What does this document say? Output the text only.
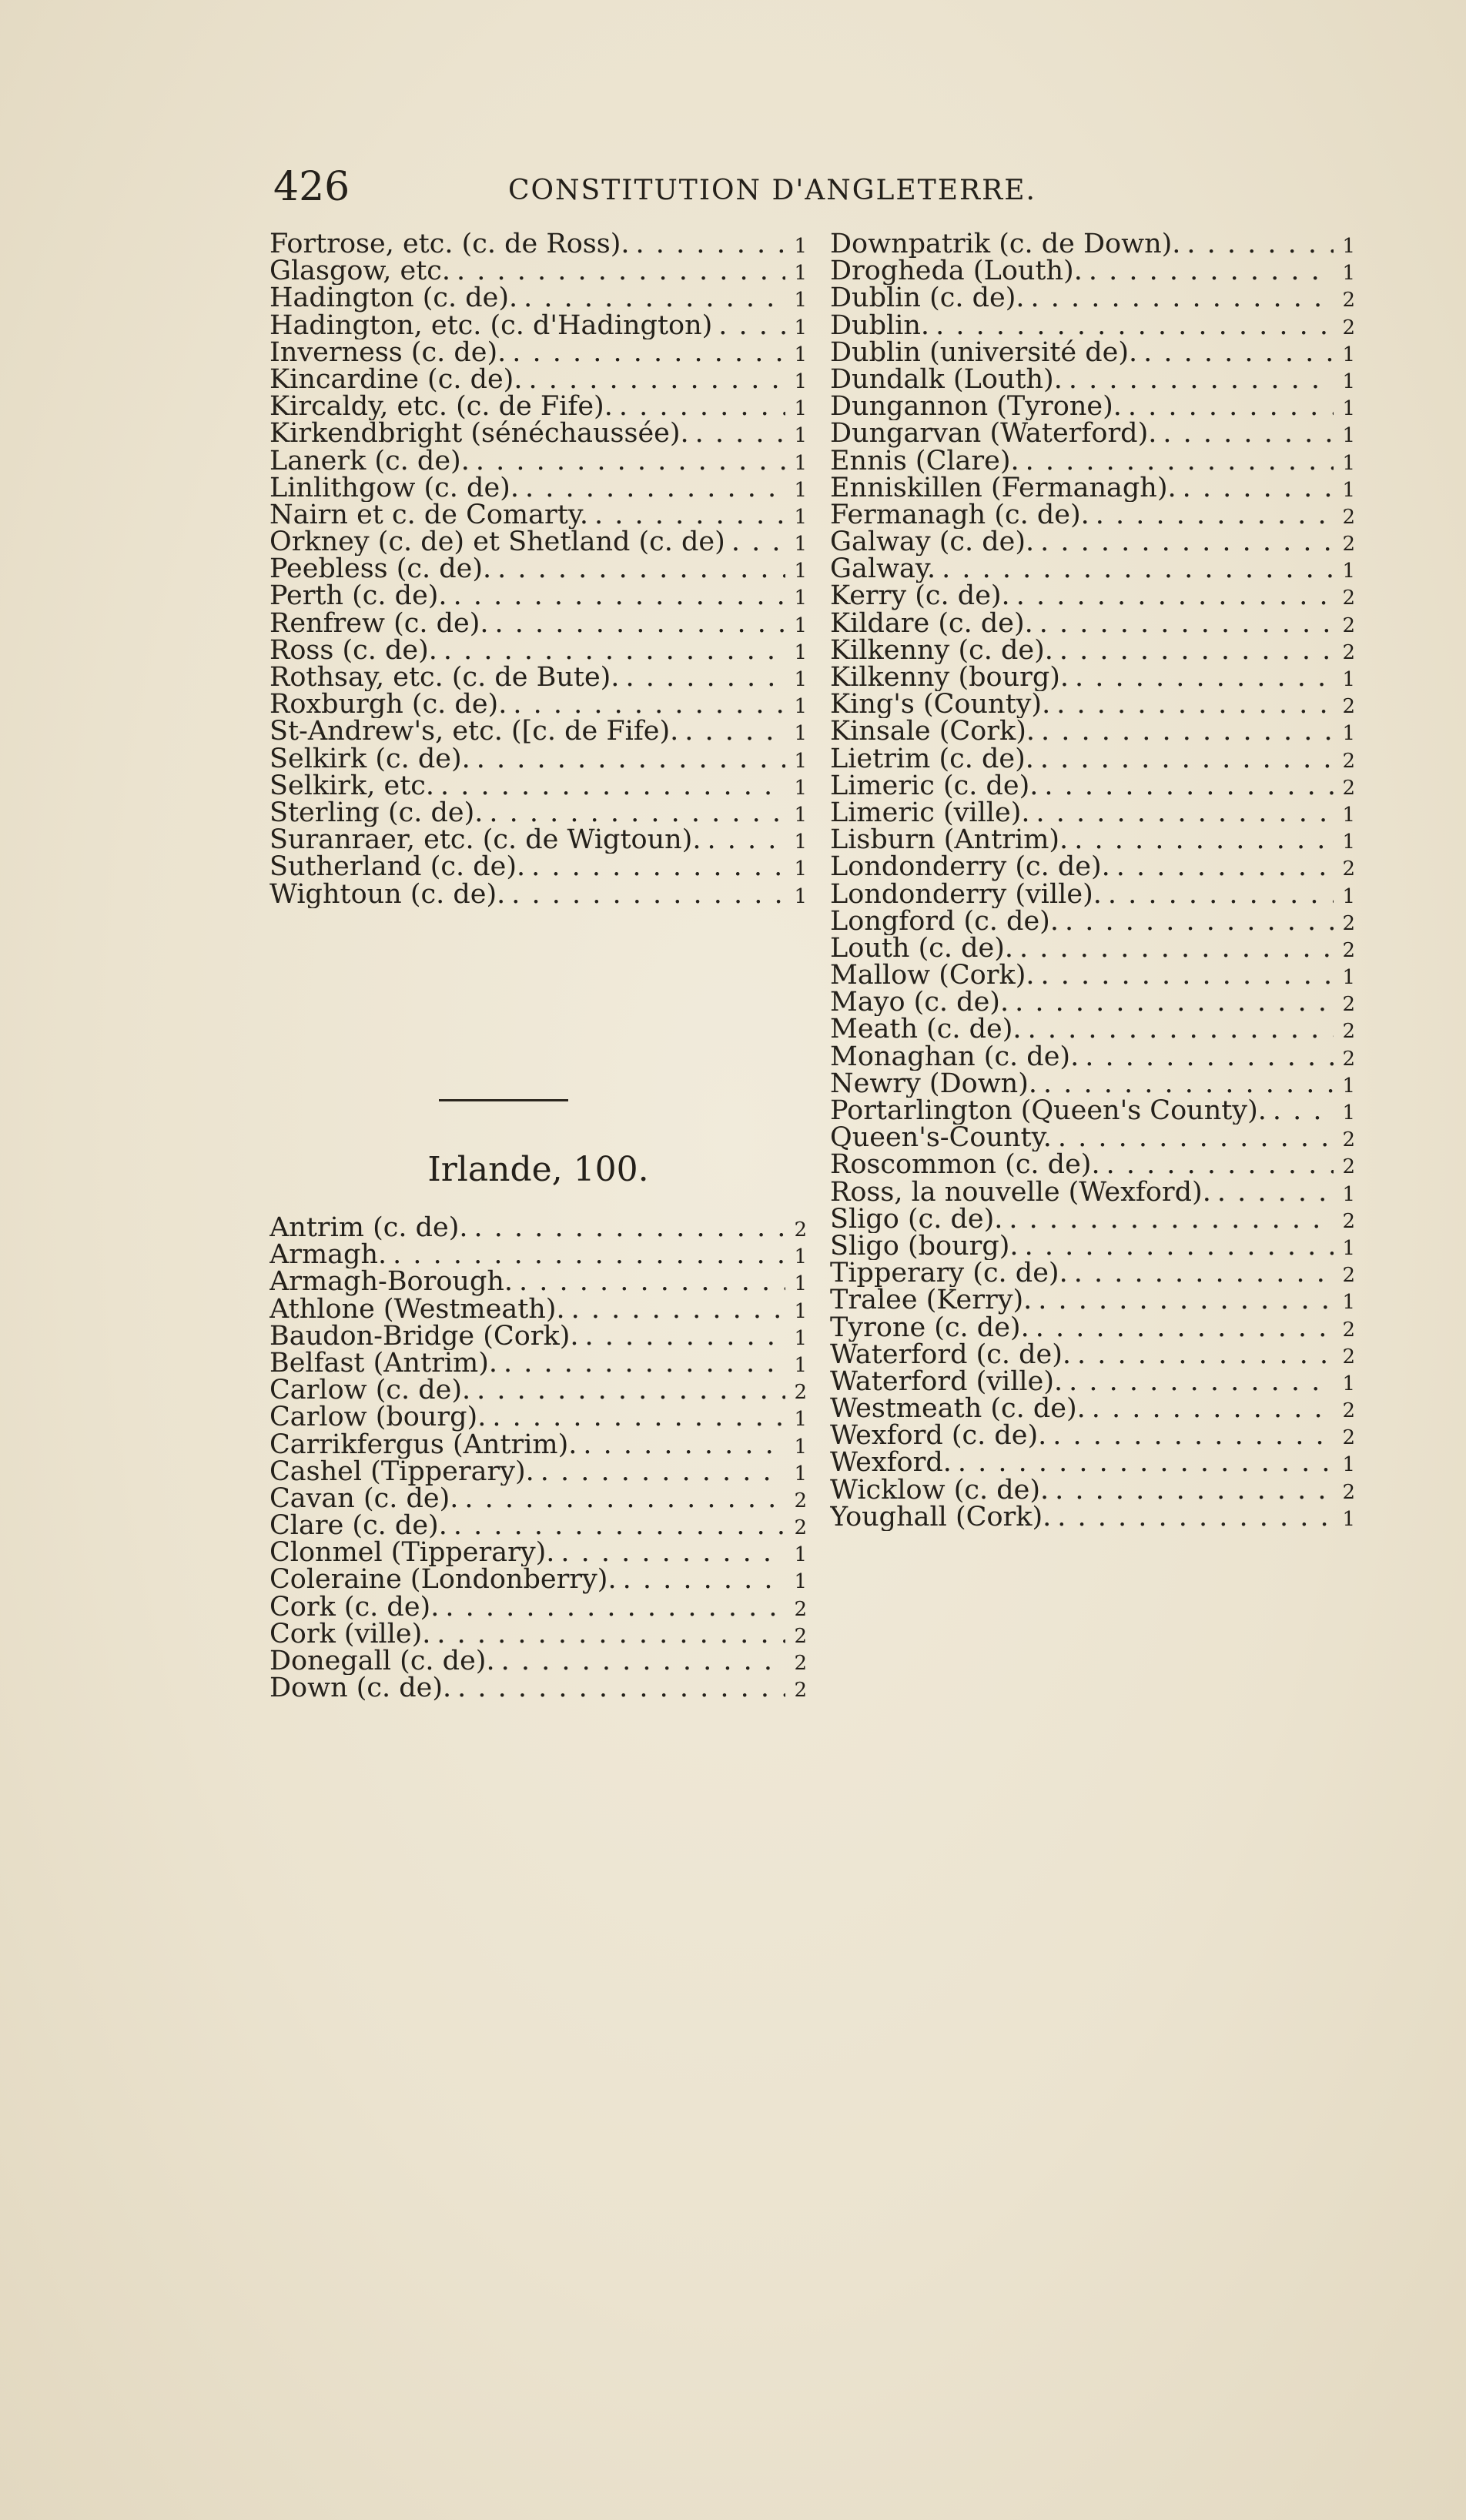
426	CONSTITUTION D'ANGLETERRE.
Fortrose, etc. (c. de Ross). . . .	1
Glasgow, etc. . . .	1
Hadington (c. de). . . .	1
Hadington, etc. (c. d'Hadington) . . .	1
Inverness (c. de). . . .	1
Kincardine (c. de). . . .	1
Kircaldy, etc. (c. de Fife). . . .	1
Kirkendbright (sénéchaussée). . . .	1
Lanerk (c. de). . . .	1
Linlithgow (c. de). . . .	1
Nairn et c. de Comarty. . . .	1
Orkney (c. de) et Shetland (c. de) . . .	1
Peebless (c. de). . . .	1
Perth (c. de). . . .	1
Renfrew (c. de). . . .	1
Ross (c. de). . . .	1
Rothsay, etc. (c. de Bute). . . .	1
Roxburgh (c. de). . . .	1
St-Andrew's, etc. ([c. de Fife). . . .	1
Selkirk (c. de). . . .	1
Selkirk, etc. . . .	1
Sterling (c. de). . . .	1
Suranraer, etc. (c. de Wigtoun). . . .	1
Sutherland (c. de). . . .	1
Wightoun (c. de). . . .	1
Irlande, 100.
Antrim (c. de). . . .	2
Armagh. . . .	1
Armagh-Borough. . . .	1
Athlone (Westmeath). . . .	1
Baudon-Bridge (Cork). . . .	1
Belfast (Antrim). . . .	1
Carlow (c. de). . . .	2
Carlow (bourg). . . .	1
Carrikfergus (Antrim). . . .	1
Cashel (Tipperary). . . .	1
Cavan (c. de). . . .	2
Clare (c. de). . . .	2
Clonmel (Tipperary). . . .	1
Coleraine (Londonberry). . . .	1
Cork (c. de). . . .	2
Cork (ville). . . .	2
Donegall (c. de). . . .	2
Down (c. de). . . .	2
Downpatrik (c. de Down). . . .	1
Drogheda (Louth). . . .	1
Dublin (c. de). . . .	2
Dublin. . . .	2
Dublin (université de). . . .	1
Dundalk (Louth). . . .	1
Dungannon (Tyrone). . . .	1
Dungarvan (Waterford). . . .	1
Ennis (Clare). . . .	1
Enniskillen (Fermanagh). . . .	1
Fermanagh (c. de). . . .	2
Galway (c. de). . . .	2
Galway. . . .	1
Kerry (c. de). . . .	2
Kildare (c. de). . . .	2
Kilkenny (c. de). . . .	2
Kilkenny (bourg). . . .	1
King's (County). . . .	2
Kinsale (Cork). . . .	1
Lietrim (c. de). . . .	2
Limeric (c. de). . . .	2
Limeric (ville). . . .	1
Lisburn (Antrim). . . .	1
Londonderry (c. de). . . .	2
Londonderry (ville). . . .	1
Longford (c. de). . . .	2
Louth (c. de). . . .	2
Mallow (Cork). . . .	1
Mayo (c. de). . . .	2
Meath (c. de). . . .	2
Monaghan (c. de). . . .	2
Newry (Down). . . .	1
Portarlington (Queen's County). . . .	1
Queen's-County. . . .	2
Roscommon (c. de). . . .	2
Ross, la nouvelle (Wexford). . . .	1
Sligo (c. de). . . .	2
Sligo (bourg). . . .	1
Tipperary (c. de). . . .	2
Tralee (Kerry). . . .	1
Tyrone (c. de). . . .	2
Waterford (c. de). . . .	2
Waterford (ville). . . .	1
Westmeath (c. de). . . .	2
Wexford (c. de). . . .	2
Wexford. . . .	1
Wicklow (c. de). . . .	2
Youghall (Cork). . . .	1
